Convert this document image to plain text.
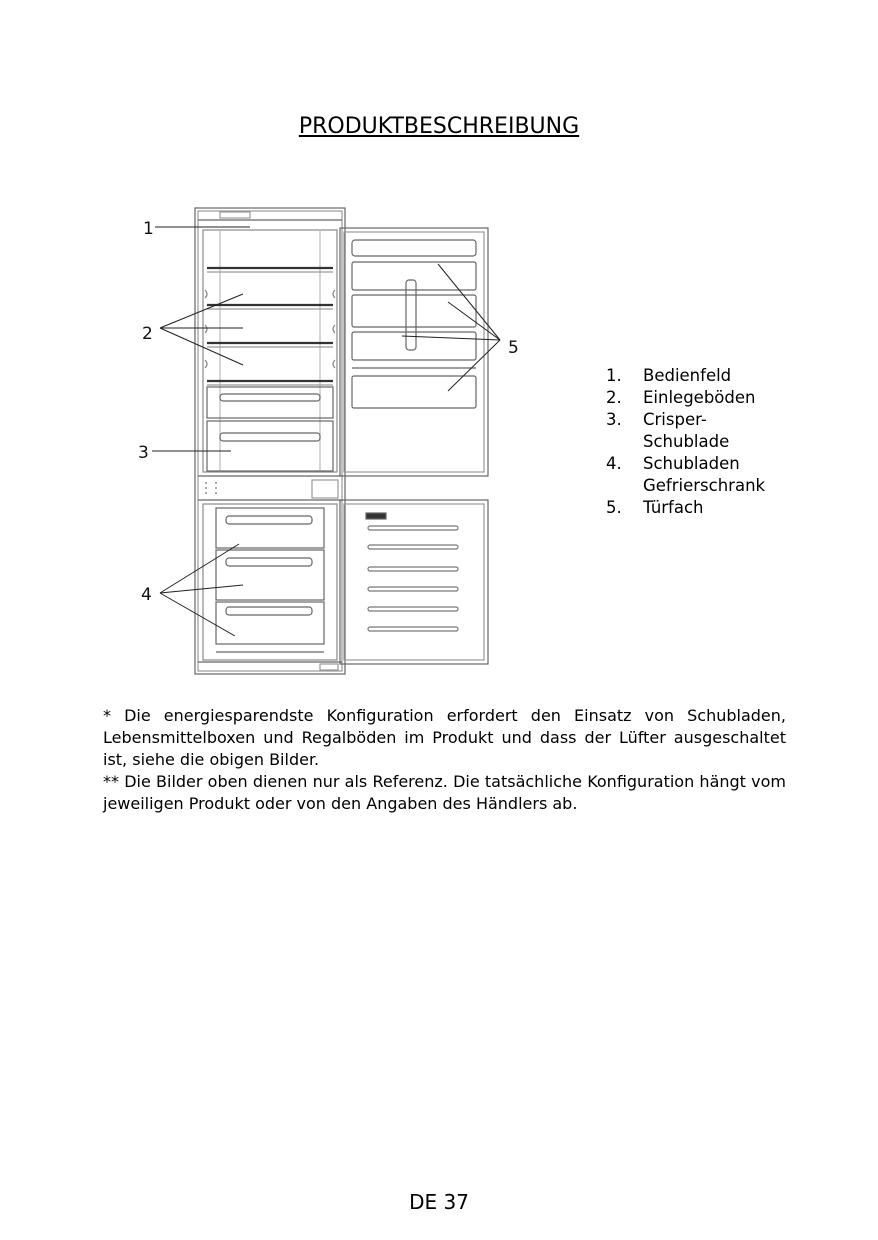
PRODUKTBESCHREIBUNG
1
2
3
4
5
1.	Bedienfeld
2.	Einlegeböden
3.	Crisper-Schublade
4.	Schubladen Gefrierschrank
5.	Türfach
* Die energiesparendste Konfiguration erfordert den Einsatz von Schubladen, Lebensmittelboxen und Regalböden im Produkt und dass der Lüfter ausgeschaltet ist, siehe die obigen Bilder.
** Die Bilder oben dienen nur als Referenz. Die tatsächliche Konfiguration hängt vom jeweiligen Produkt oder von den Angaben des Händlers ab.
DE 37
